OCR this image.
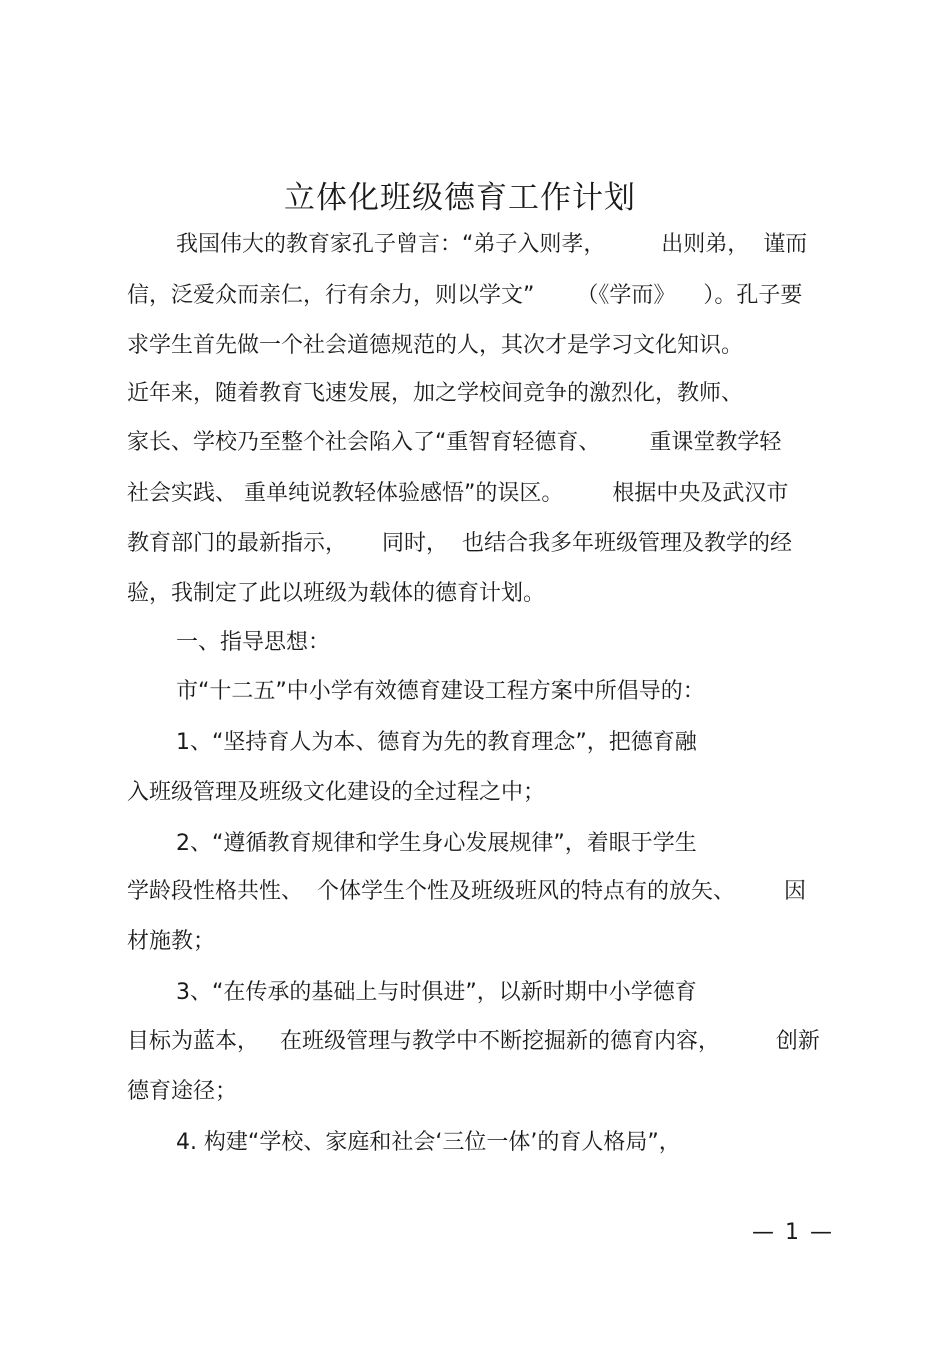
立体化班级德育工作计划

我国伟大的教育家孔子曾言：“弟子入则孝，        出则弟，  谨而

信，泛爱众而亲仁，行有余力，则以学文”      （《学而》    ）。孔子要

求学生首先做一个社会道德规范的人，其次才是学习文化知识。

近年来，随着教育飞速发展，加之学校间竞争的激烈化，教师、

家长、学校乃至整个社会陷入了“重智育轻德育、       重课堂教学轻

社会实践、 重单纯说教轻体验感悟”的误区。       根据中央及武汉市

教育部门的最新指示，     同时，  也结合我多年班级管理及教学的经

验，我制定了此以班级为载体的德育计划。

一、指导思想：

市“十二五”中小学有效德育建设工程方案中所倡导的：

1、“坚持育人为本、德育为先的教育理念”，把德育融

入班级管理及班级文化建设的全过程之中；

2、“遵循教育规律和学生身心发展规律”，着眼于学生

学龄段性格共性、  个体学生个性及班级班风的特点有的放矢、       因

材施教；

3、“在传承的基础上与时俱进”，以新时期中小学德育

目标为蓝本，   在班级管理与教学中不断挖掘新的德育内容，        创新

德育途径；

4. 构建“学校、家庭和社会‘三位一体’的育人格局”，

— 1 —
